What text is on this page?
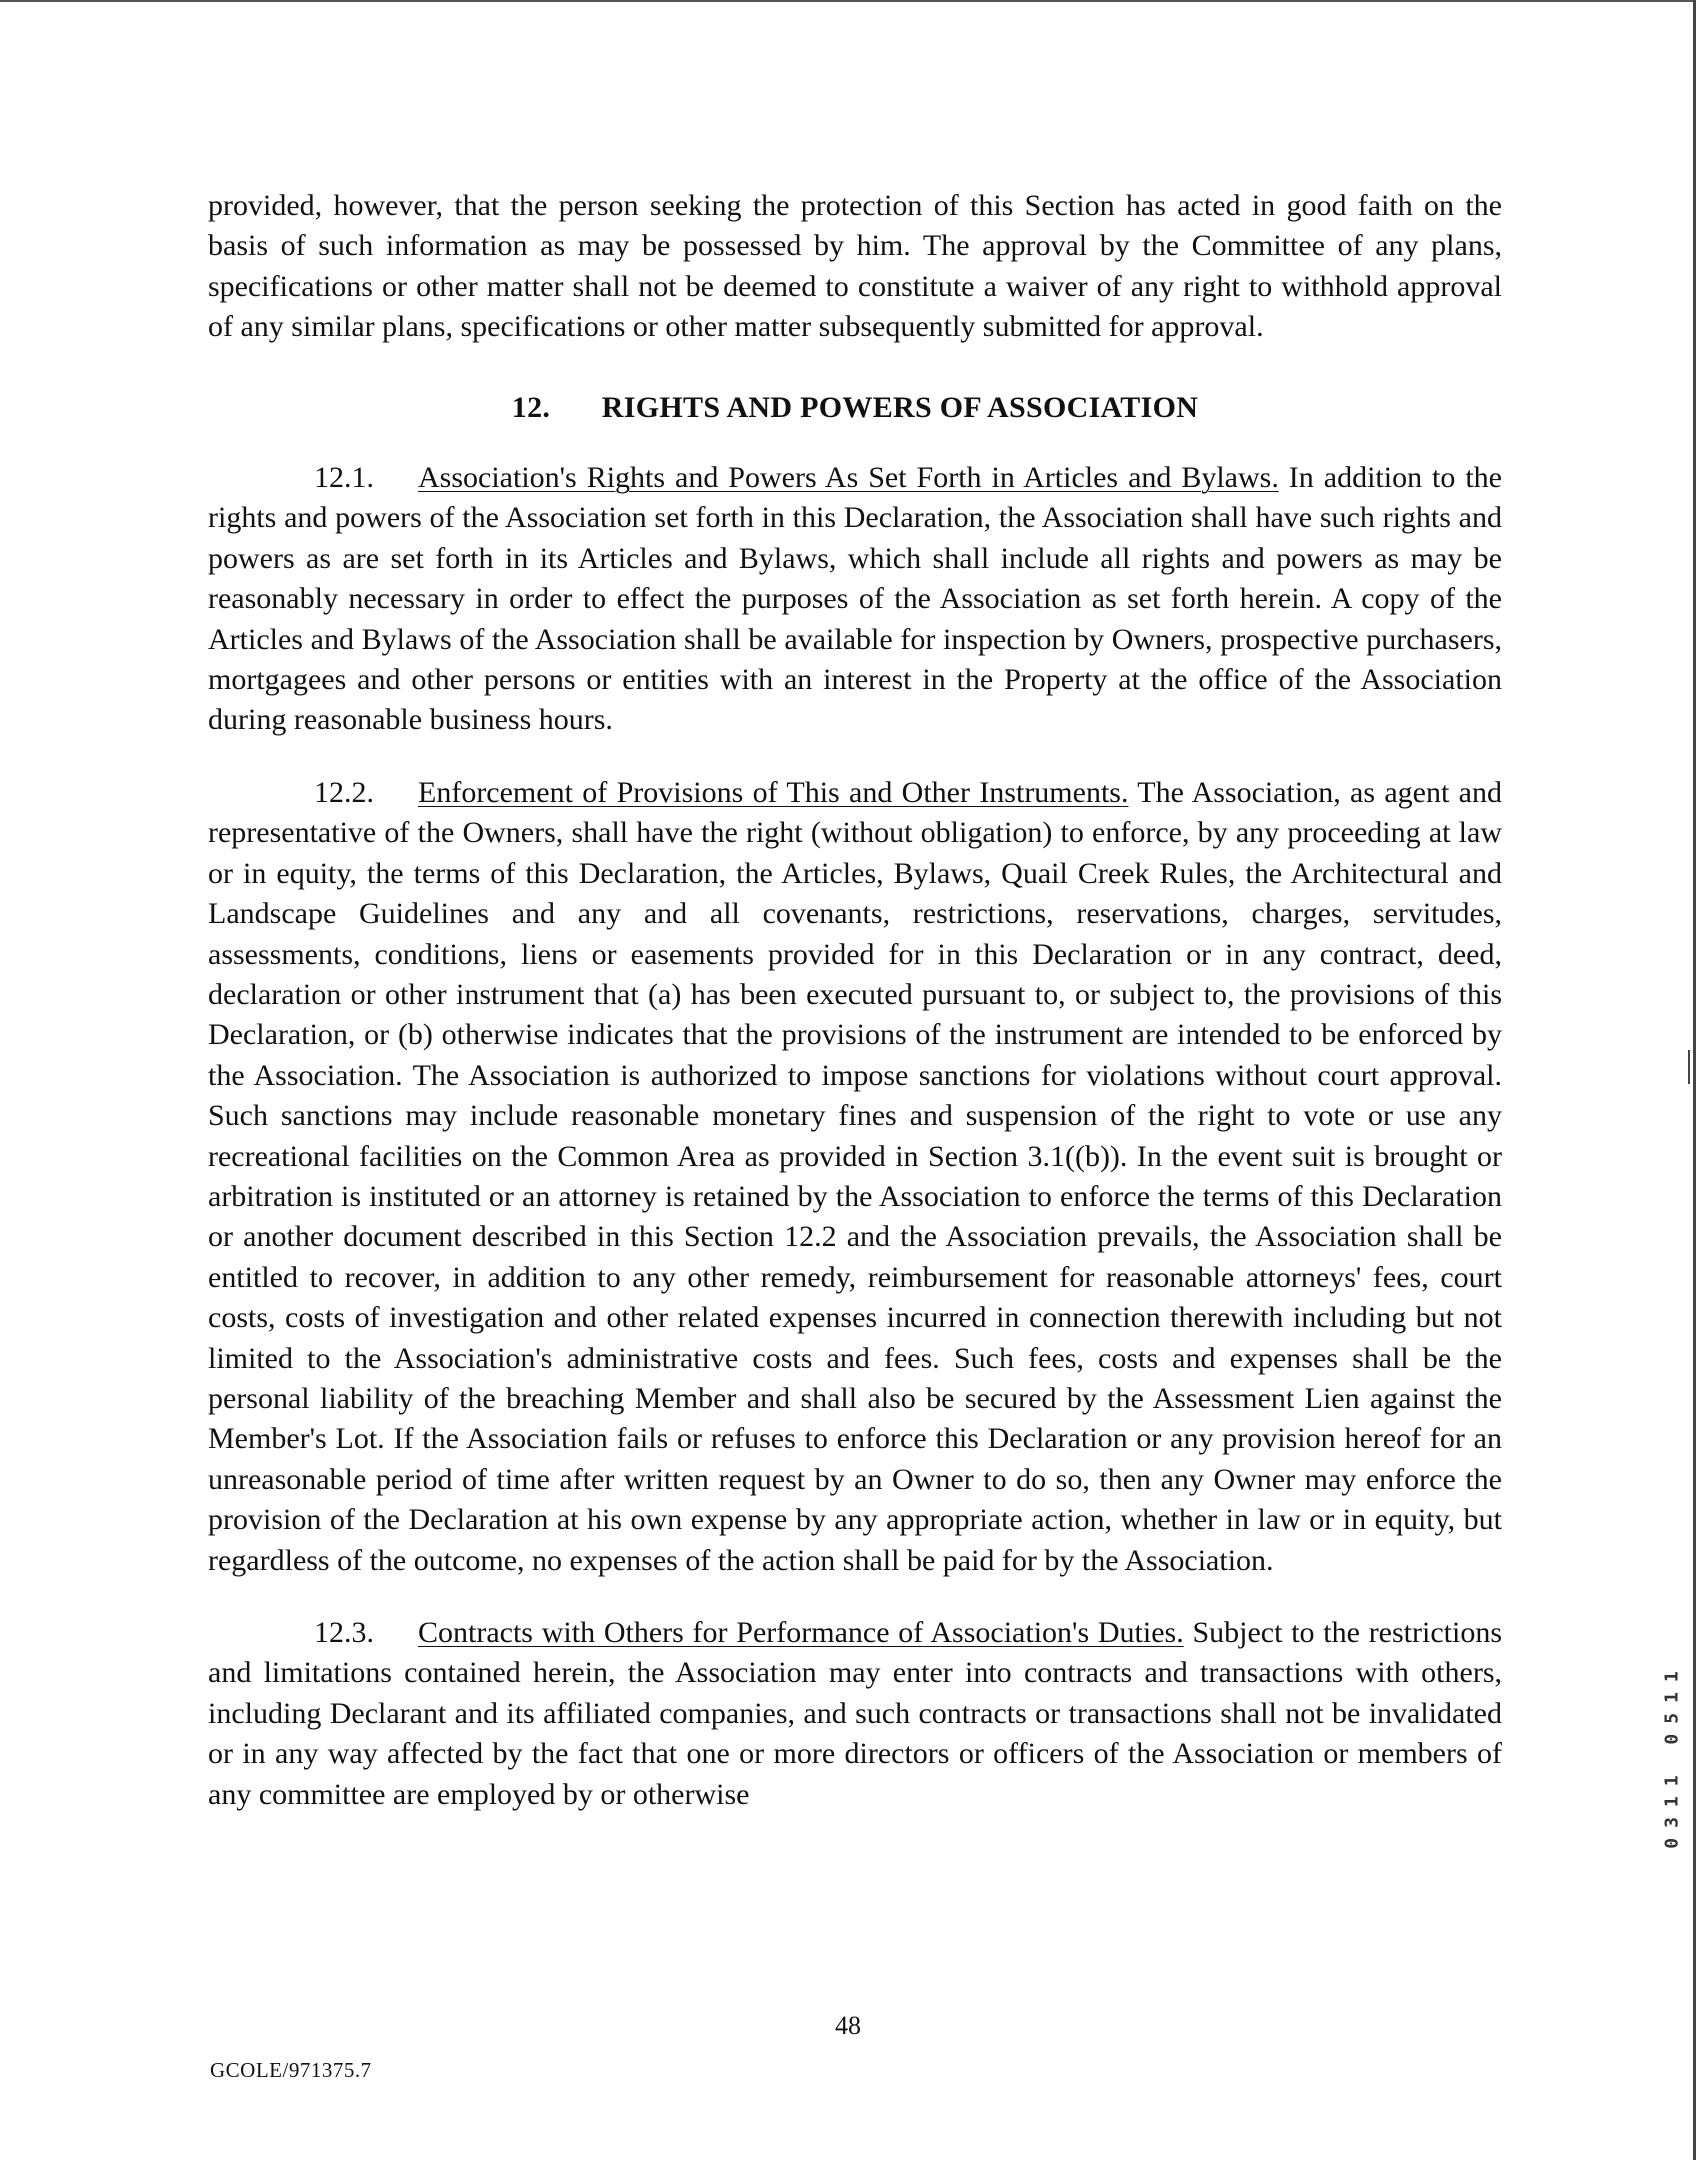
provided, however, that the person seeking the protection of this Section has acted in good faith on the basis of such information as may be possessed by him. The approval by the Committee of any plans, specifications or other matter shall not be deemed to constitute a waiver of any right to withhold approval of any similar plans, specifications or other matter subsequently submitted for approval.

12. RIGHTS AND POWERS OF ASSOCIATION

12.1. Association's Rights and Powers As Set Forth in Articles and Bylaws. In addition to the rights and powers of the Association set forth in this Declaration, the Association shall have such rights and powers as are set forth in its Articles and Bylaws, which shall include all rights and powers as may be reasonably necessary in order to effect the purposes of the Association as set forth herein. A copy of the Articles and Bylaws of the Association shall be available for inspection by Owners, prospective purchasers, mortgagees and other persons or entities with an interest in the Property at the office of the Association during reasonable business hours.

12.2. Enforcement of Provisions of This and Other Instruments. The Association, as agent and representative of the Owners, shall have the right (without obligation) to enforce, by any proceeding at law or in equity, the terms of this Declaration, the Articles, Bylaws, Quail Creek Rules, the Architectural and Landscape Guidelines and any and all covenants, restrictions, reservations, charges, servitudes, assessments, conditions, liens or easements provided for in this Declaration or in any contract, deed, declaration or other instrument that (a) has been executed pursuant to, or subject to, the provisions of this Declaration, or (b) otherwise indicates that the provisions of the instrument are intended to be enforced by the Association. The Association is authorized to impose sanctions for violations without court approval. Such sanctions may include reasonable monetary fines and suspension of the right to vote or use any recreational facilities on the Common Area as provided in Section 3.1((b)). In the event suit is brought or arbitration is instituted or an attorney is retained by the Association to enforce the terms of this Declaration or another document described in this Section 12.2 and the Association prevails, the Association shall be entitled to recover, in addition to any other remedy, reimbursement for reasonable attorneys' fees, court costs, costs of investigation and other related expenses incurred in connection therewith including but not limited to the Association's administrative costs and fees. Such fees, costs and expenses shall be the personal liability of the breaching Member and shall also be secured by the Assessment Lien against the Member's Lot. If the Association fails or refuses to enforce this Declaration or any provision hereof for an unreasonable period of time after written request by an Owner to do so, then any Owner may enforce the provision of the Declaration at his own expense by any appropriate action, whether in law or in equity, but regardless of the outcome, no expenses of the action shall be paid for by the Association.

12.3. Contracts with Others for Performance of Association's Duties. Subject to the restrictions and limitations contained herein, the Association may enter into contracts and transactions with others, including Declarant and its affiliated companies, and such contracts or transactions shall not be invalidated or in any way affected by the fact that one or more directors or officers of the Association or members of any committee are employed by or otherwise

48
GCOLE/971375.7
0311 0511
